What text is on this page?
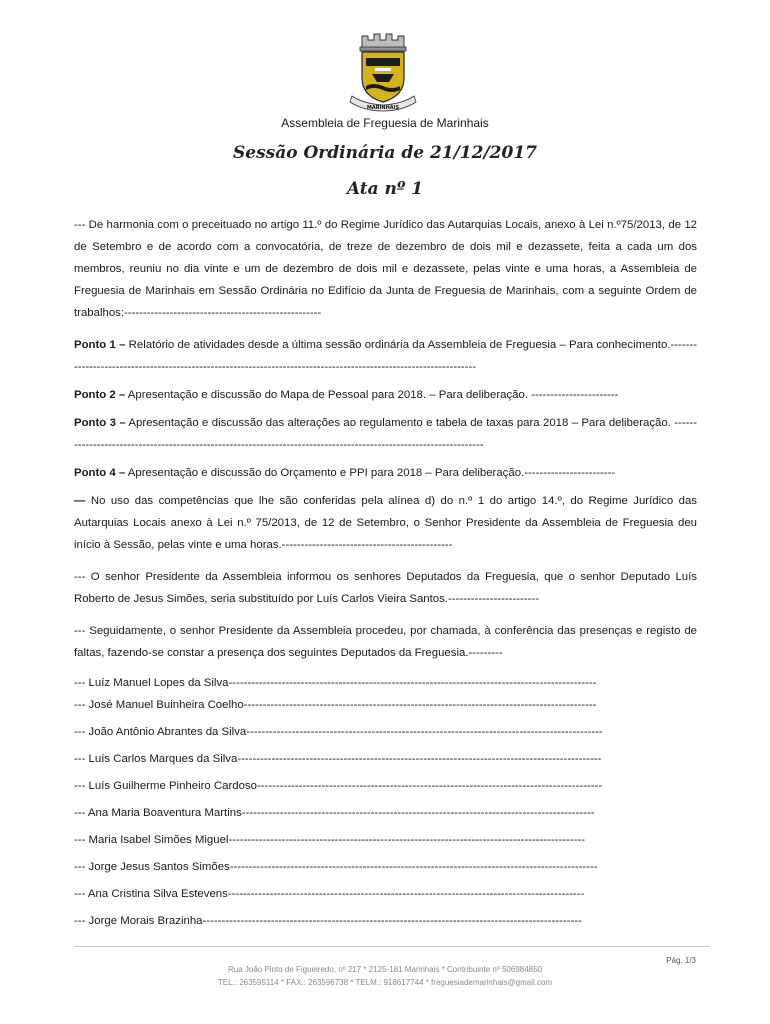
MARINHAIS
Assembleia de Freguesia de Marinhais
Sessão Ordinária de 21/12/2017
Ata nº 1

--- De harmonia com o preceituado no artigo 11.º do Regime Jurídico das Autarquias Locais, anexo à Lei n.º75/2013, de 12 de Setembro e de acordo com a convocatória, de treze de dezembro de dois mil e dezassete, feita a cada um dos membros, reuniu no dia vinte e um de dezembro de dois mil e dezassete, pelas vinte e uma horas, a Assembleia de Freguesia de Marinhais em Sessão Ordinária no Edifício da Junta de Freguesia de Marinhais, com a seguinte Ordem de trabalhos:----------------------------------------------------

Ponto 1 – Relatório de atividades desde a última sessão ordinária da Assembleia de Freguesia – Para conhecimento.-----------------------------------------------------------------------------------------------------------------

Ponto 2 – Apresentação e discussão do Mapa de Pessoal para 2018. – Para deliberação. -----------------------

Ponto 3 – Apresentação e discussão das alterações ao regulamento e tabela de taxas para 2018 – Para deliberação. ------------------------------------------------------------------------------------------------------------------

Ponto 4 – Apresentação e discussão do Orçamento e PPI para 2018 – Para deliberação.------------------------

— No uso das competências que lhe são conferidas pela alínea d) do n.º 1 do artigo 14.º, do Regime Jurídico das Autarquias Locais anexo à Lei n.º 75/2013, de 12 de Setembro, o Senhor Presidente da Assembleia de Freguesia deu início à Sessão, pelas vinte e uma horas.---------------------------------------------

--- O senhor Presidente da Assembleia informou os senhores Deputados da Freguesia, que o senhor Deputado Luís Roberto de Jesus Simões, seria substituído por Luís Carlos Vieira Santos.------------------------

--- Seguidamente, o senhor Presidente da Assembleia procedeu, por chamada, à conferência das presenças e registo de faltas, fazendo-se constar a presença dos seguintes Deputados da Freguesia.---------

--- Luíz Manuel Lopes da Silva-------------------------------------------------------------------------------------------------

--- José Manuel Buinheira Coelho---------------------------------------------------------------------------------------------

--- João Antônio Abrantes da Silva----------------------------------------------------------------------------------------------

--- Luís Carlos Marques da Silva------------------------------------------------------------------------------------------------

--- Luís Guilherme Pinheiro Cardoso-------------------------------------------------------------------------------------------

--- Ana Maria Boaventura Martins---------------------------------------------------------------------------------------------

--- Maria Isabel Simões Miguel----------------------------------------------------------------------------------------------

--- Jorge Jesus Santos Simões-------------------------------------------------------------------------------------------------

--- Ana Cristina Silva Estevens----------------------------------------------------------------------------------------------

--- Jorge Morais Brazinha----------------------------------------------------------------------------------------------------

Pág. 1/3
Rua João Pinto de Figueiredo, nº 217 * 2125-181 Marinhais * Contribuinte nº 506984850
TEL.: 263595114 * FAX.: 263596738 * TELM.: 918617744 * freguesiademarinhais@gmail.com
